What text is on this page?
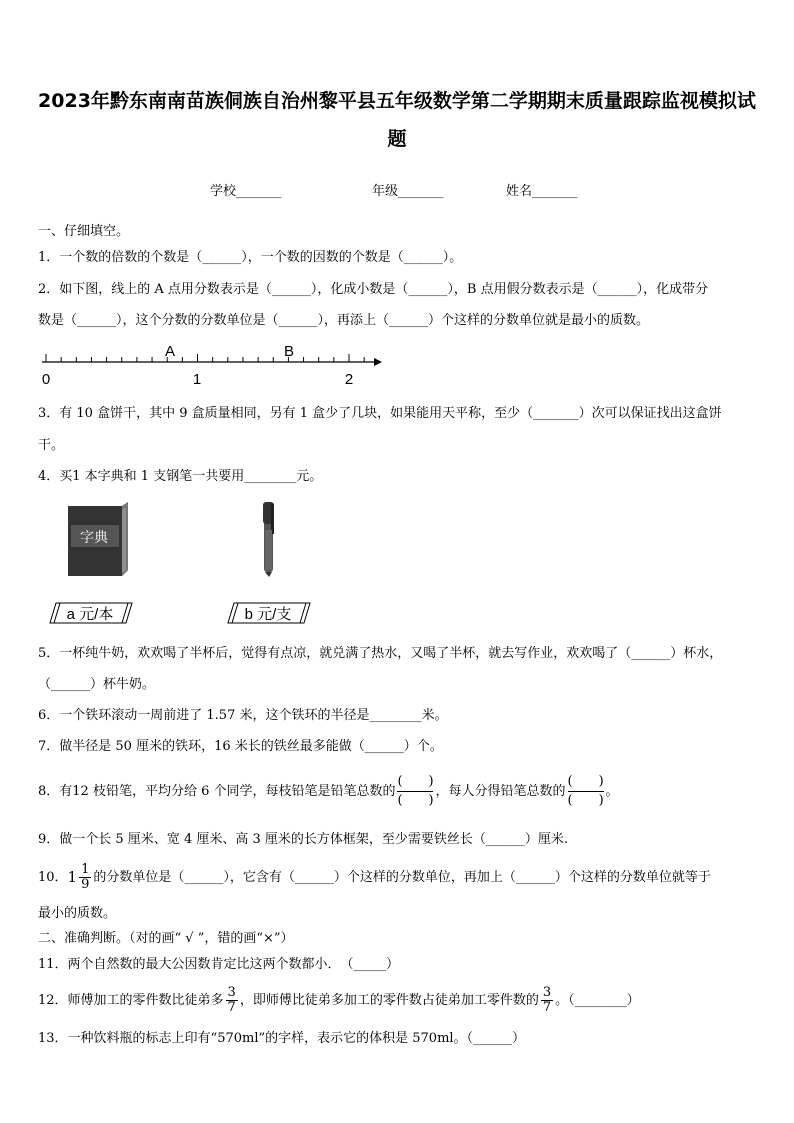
2023年黔东南南苗族侗族自治州黎平县五年级数学第二学期期末质量跟踪监视模拟试
题
学校_______	年级_______	姓名_______
一、仔细填空。
1．一个数的倍数的个数是（______），一个数的因数的个数是（______）。
2．如下图，线上的 A 点用分数表示是（______），化成小数是（______），B 点用假分数表示是（______），化成带分
数是（______），这个分数的分数单位是（______），再添上（______）个这样的分数单位就是最小的质数。
A	B
0	1	2
3．有 10 盒饼干，其中 9 盒质量相同，另有 1 盒少了几块，如果能用天平称，至少（_______）次可以保证找出这盒饼
干。
4．买1 本字典和 1 支钢笔一共要用________元。
字典
a 元/本	b 元/支
5．一杯纯牛奶，欢欢喝了半杯后，觉得有点凉，就兑满了热水，又喝了半杯，就去写作业，欢欢喝了（______）杯水，
（______）杯牛奶。
6．一个铁环滚动一周前进了 1.57 米，这个铁环的半径是________米。
7．做半径是 50 厘米的铁环，16 米长的铁丝最多能做（______）个。
8．有12 枝铅笔，平均分给 6 个同学，每枝铅笔是铅笔总数的
(　　)
(　　)
，每人分得铅笔总数的
(　　)
(　　)
。
9．做一个长 5 厘米、宽 4 厘米、高 3 厘米的长方体框架，至少需要铁丝长（______）厘米.
10．$1 \frac{1}{9}$ 的分数单位是（______），它含有（______）个这样的分数单位，再加上（______）个这样的分数单位就等于
最小的质数。
二、准确判断。（对的画“ √ ”，错的画“×”）
11．两个自然数的最大公因数肯定比这两个数都小．　（_____）
12．师傅加工的零件数比徒弟多 $\frac{3}{7}$ ，即师傅比徒弟多加工的零件数占徒弟加工零件数的 $\frac{3}{7}$ 。（________）
13．一种饮料瓶的标志上印有“570ml”的字样，表示它的体积是 570ml。（______）
